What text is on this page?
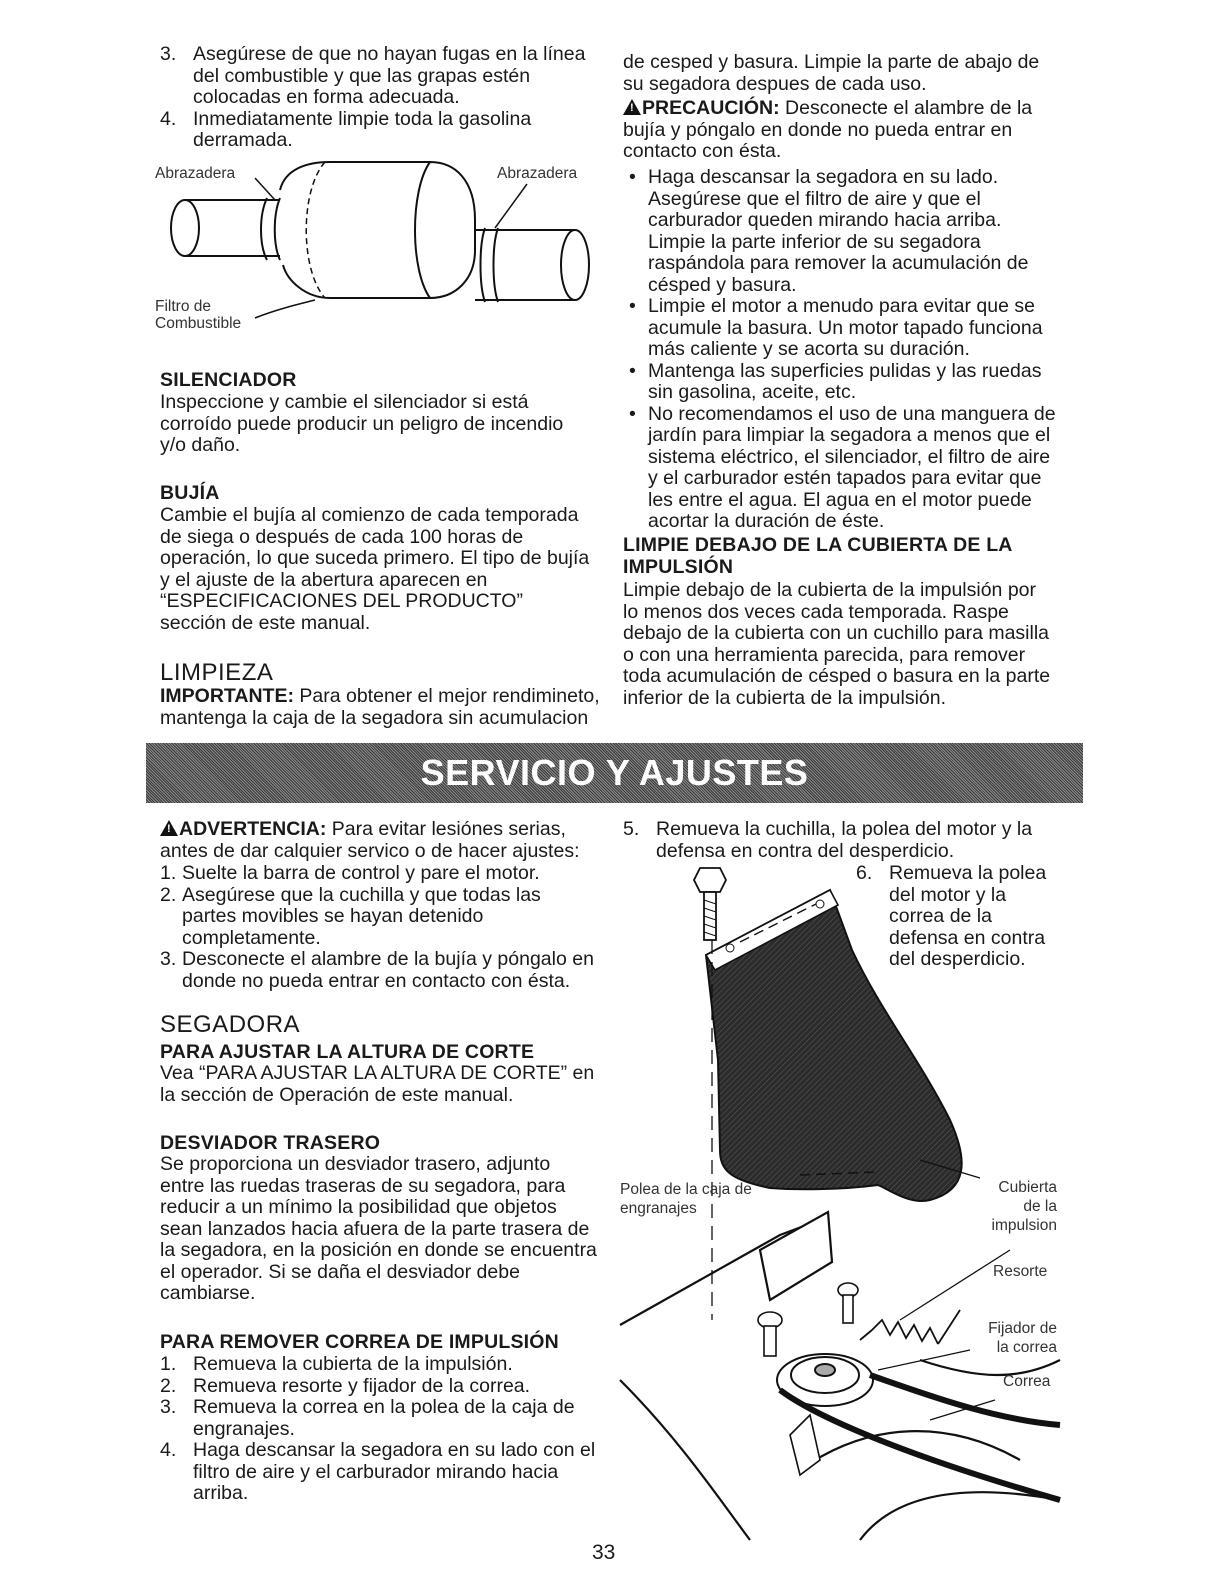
3. Asegúrese de que no hayan fugas en la línea del combustible y que las grapas estén colocadas en forma adecuada.
4. Inmediatamente limpie toda la gasolina derramada.
Abrazadera	Abrazadera
Filtro de
Combustible
SILENCIADOR
Inspeccione y cambie el silenciador si está corroído puede producir un peligro de incendio y/o daño.
BUJÍA
Cambie el bujía al comienzo de cada temporada de siega o después de cada 100 horas de operación, lo que suceda primero. El tipo de bujía y el ajuste de la abertura aparecen en “ESPECIFICACIONES DEL PRODUCTO” sección de este manual.
LIMPIEZA
IMPORTANTE: Para obtener el mejor rendimineto, mantenga la caja de la segadora sin acumulacion
de cesped y basura. Limpie la parte de abajo de su segadora despues de cada uso.
!PRECAUCIÓN: Desconecte el alambre de la bujía y póngalo en donde no pueda entrar en contacto con ésta.
• Haga descansar la segadora en su lado. Asegúrese que el filtro de aire y que el carburador queden mirando hacia arriba. Limpie la parte inferior de su segadora raspándola para remover la acumulación de césped y basura.
• Limpie el motor a menudo para evitar que se acumule la basura. Un motor tapado funciona más caliente y se acorta su duración.
• Mantenga las superficies pulidas y las ruedas sin gasolina, aceite, etc.
• No recomendamos el uso de una manguera de jardín para limpiar la segadora a menos que el sistema eléctrico, el silenciador, el filtro de aire y el carburador estén tapados para evitar que les entre el agua. El agua en el motor puede acortar la duración de éste.
LIMPIE DEBAJO DE LA CUBIERTA DE LA IMPULSIÓN
Limpie debajo de la cubierta de la impulsión por lo menos dos veces cada temporada. Raspe debajo de la cubierta con un cuchillo para masilla o con una herramienta parecida, para remover toda acumulación de césped o basura en la parte inferior de la cubierta de la impulsión.
SERVICIO Y AJUSTES
!ADVERTENCIA: Para evitar lesiónes serias, antes de dar calquier servico o de hacer ajustes:
1. Suelte la barra de control y pare el motor.
2. Asegúrese que la cuchilla y que todas las partes movibles se hayan detenido completamente.
3. Desconecte el alambre de la bujía y póngalo en donde no pueda entrar en contacto con ésta.
SEGADORA
PARA AJUSTAR LA ALTURA DE CORTE
Vea “PARA AJUSTAR LA ALTURA DE CORTE” en la sección de Operación de este manual.
DESVIADOR TRASERO
Se proporciona un desviador trasero, adjunto entre las ruedas traseras de su segadora, para reducir a un mínimo la posibilidad que objetos sean lanzados hacia afuera de la parte trasera de la segadora, en la posición en donde se encuentra el operador. Si se daña el desviador debe cambiarse.
PARA REMOVER CORREA DE IMPULSIÓN
1. Remueva la cubierta de la impulsión.
2. Remueva resorte y fijador de la correa.
3. Remueva la correa en la polea de la caja de engranajes.
4. Haga descansar la segadora en su lado con el filtro de aire y el carburador mirando hacia arriba.
33
5. Remueva la cuchilla, la polea del motor y la defensa en contra del desperdicio.
6. Remueva la polea del motor y la correa de la defensa en contra del desperdicio.
Polea de la caja de
engranajes
Cubierta
de la
impulsion
Resorte
Fijador de
la correa
Correa
